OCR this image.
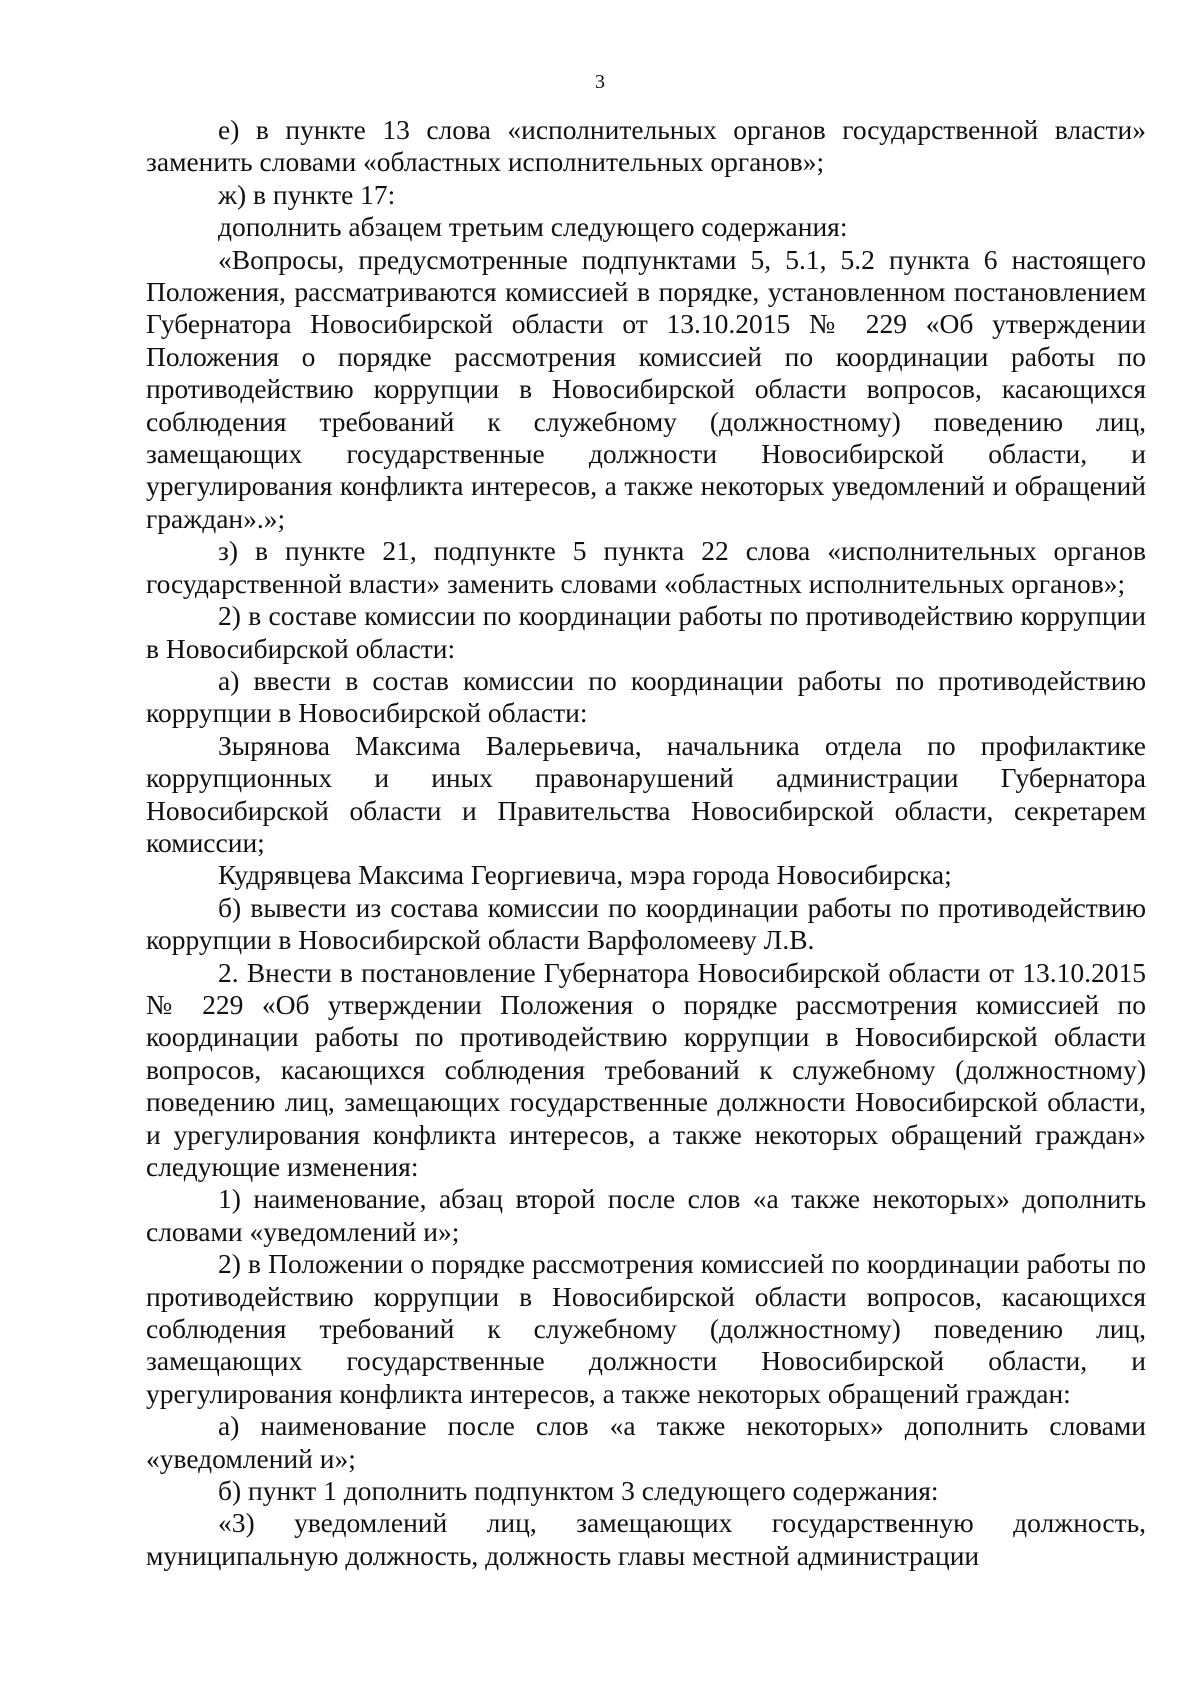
3

е) в пункте 13 слова «исполнительных органов государственной власти» заменить словами «областных исполнительных органов»;

ж) в пункте 17:

дополнить абзацем третьим следующего содержания:

«Вопросы, предусмотренные подпунктами 5, 5.1, 5.2 пункта 6 настоящего Положения, рассматриваются комиссией в порядке, установленном постановлением Губернатора Новосибирской области от 13.10.2015 № 229 «Об утверждении Положения о порядке рассмотрения комиссией по координации работы по противодействию коррупции в Новосибирской области вопросов, касающихся соблюдения требований к служебному (должностному) поведению лиц, замещающих государственные должности Новосибирской области, и урегулирования конфликта интересов, а также некоторых уведомлений и обращений граждан».»;

з) в пункте 21, подпункте 5 пункта 22 слова «исполнительных органов государственной власти» заменить словами «областных исполнительных органов»;

2) в составе комиссии по координации работы по противодействию коррупции в Новосибирской области:

а) ввести в состав комиссии по координации работы по противодействию коррупции в Новосибирской области:

Зырянова Максима Валерьевича, начальника отдела по профилактике коррупционных и иных правонарушений администрации Губернатора Новосибирской области и Правительства Новосибирской области, секретарем комиссии;

Кудрявцева Максима Георгиевича, мэра города Новосибирска;

б) вывести из состава комиссии по координации работы по противодействию коррупции в Новосибирской области Варфоломееву Л.В.

2. Внести в постановление Губернатора Новосибирской области от 13.10.2015 № 229 «Об утверждении Положения о порядке рассмотрения комиссией по координации работы по противодействию коррупции в Новосибирской области вопросов, касающихся соблюдения требований к служебному (должностному) поведению лиц, замещающих государственные должности Новосибирской области, и урегулирования конфликта интересов, а также некоторых обращений граждан» следующие изменения:

1) наименование, абзац второй после слов «а также некоторых» дополнить словами «уведомлений и»;

2) в Положении о порядке рассмотрения комиссией по координации работы по противодействию коррупции в Новосибирской области вопросов, касающихся соблюдения требований к служебному (должностному) поведению лиц, замещающих государственные должности Новосибирской области, и урегулирования конфликта интересов, а также некоторых обращений граждан:

а) наименование после слов «а также некоторых» дополнить словами «уведомлений и»;

б) пункт 1 дополнить подпунктом 3 следующего содержания:

«3) уведомлений лиц, замещающих государственную должность, муниципальную должность, должность главы местной администрации
